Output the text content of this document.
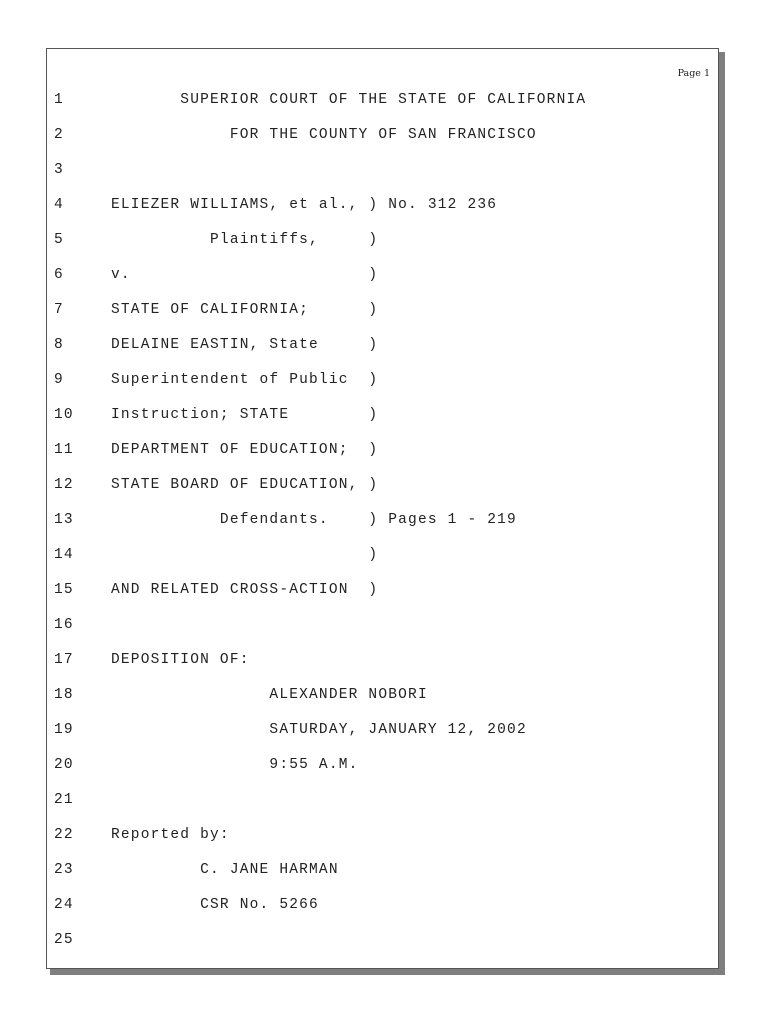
Page 1
1	SUPERIOR COURT OF THE STATE OF CALIFORNIA
2	FOR THE COUNTY OF SAN FRANCISCO
3
4	ELIEZER WILLIAMS, et al., ) No. 312 236
5	Plaintiffs,     )
6	v.                        )
7	STATE OF CALIFORNIA;      )
8	DELAINE EASTIN, State     )
9	Superintendent of Public  )
10	Instruction; STATE        )
11	DEPARTMENT OF EDUCATION;  )
12	STATE BOARD OF EDUCATION, )
13	Defendants.    ) Pages 1 - 219
14	)
15	AND RELATED CROSS-ACTION  )
16
17	DEPOSITION OF:
18	ALEXANDER NOBORI
19	SATURDAY, JANUARY 12, 2002
20	9:55 A.M.
21
22	Reported by:
23	C. JANE HARMAN
24	CSR No. 5266
25
